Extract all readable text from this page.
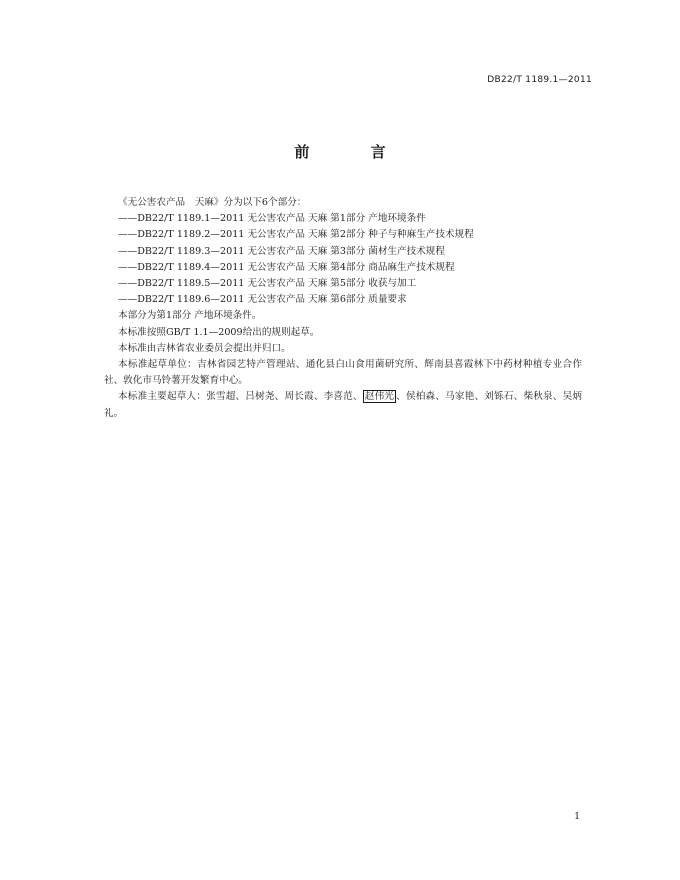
DB22/T 1189.1—2011
前 言

《无公害农产品　天麻》分为以下6个部分：

——DB22/T 1189.1—2011 无公害农产品 天麻 第1部分 产地环境条件

——DB22/T 1189.2—2011 无公害农产品 天麻 第2部分 种子与种麻生产技术规程

——DB22/T 1189.3—2011 无公害农产品 天麻 第3部分 菌材生产技术规程

——DB22/T 1189.4—2011 无公害农产品 天麻 第4部分 商品麻生产技术规程

——DB22/T 1189.5—2011 无公害农产品 天麻 第5部分 收获与加工

——DB22/T 1189.6—2011 无公害农产品 天麻 第6部分 质量要求

本部分为第1部分 产地环境条件。

本标准按照GB/T 1.1—2009给出的规则起草。

本标准由吉林省农业委员会提出并归口。

本标准起草单位：吉林省园艺特产管理站、通化县白山食用菌研究所、辉南县喜霞林下中药材种植专业合作社、敦化市马铃薯开发繁育中心。

本标准主要起草人：张雪超、吕树尧、周长霞、李喜范、 赵伟光 、侯柏森、马家艳、刘铄石、柴秋泉、吴炳礼。

1
